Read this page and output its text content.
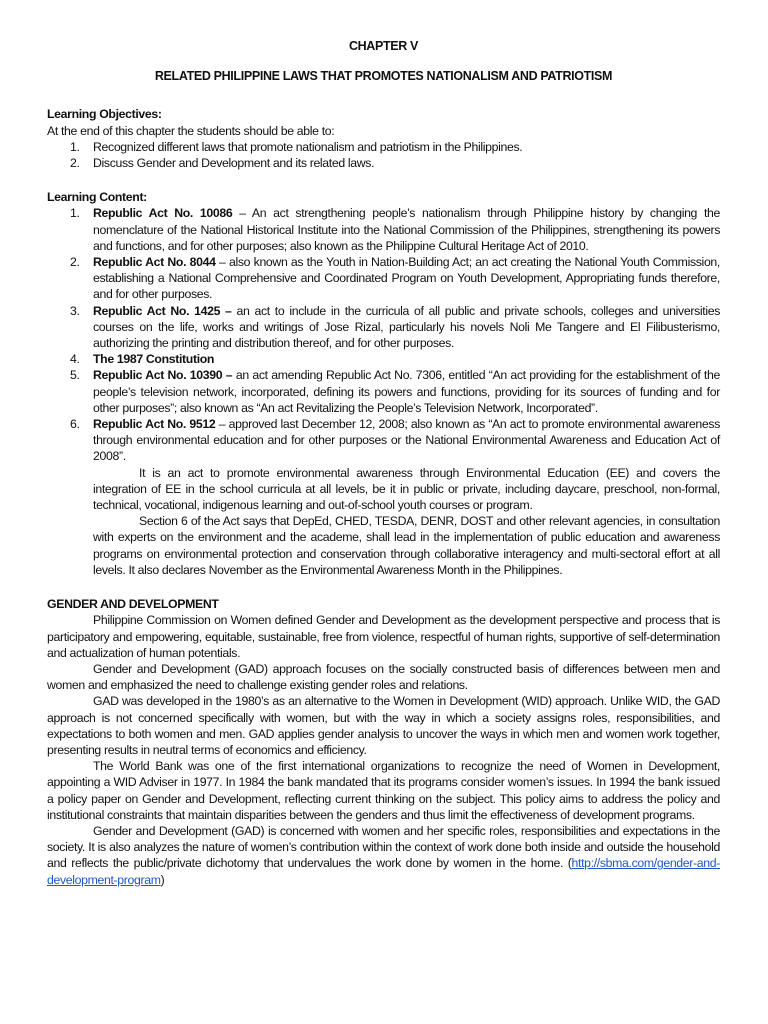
CHAPTER V

RELATED PHILIPPINE LAWS THAT PROMOTES NATIONALISM AND PATRIOTISM

Learning Objectives:

At the end of this chapter the students should be able to:

1. Recognized different laws that promote nationalism and patriotism in the Philippines.
2. Discuss Gender and Development and its related laws.

Learning Content:

1. Republic Act No. 10086 – An act strengthening people’s nationalism through Philippine history by changing the nomenclature of the National Historical Institute into the National Commission of the Philippines, strengthening its powers and functions, and for other purposes; also known as the Philippine Cultural Heritage Act of 2010.
2. Republic Act No. 8044 – also known as the Youth in Nation-Building Act; an act creating the National Youth Commission, establishing a National Comprehensive and Coordinated Program on Youth Development, Appropriating funds therefore, and for other purposes.
3. Republic Act No. 1425 – an act to include in the curricula of all public and private schools, colleges and universities courses on the life, works and writings of Jose Rizal, particularly his novels Noli Me Tangere and El Filibusterismo, authorizing the printing and distribution thereof, and for other purposes.
4. The 1987 Constitution
5. Republic Act No. 10390 – an act amending Republic Act No. 7306, entitled “An act providing for the establishment of the people’s television network, incorporated, defining its powers and functions, providing for its sources of funding and for other purposes”; also known as “An act Revitalizing the People’s Television Network, Incorporated”.
6. Republic Act No. 9512 – approved last December 12, 2008; also known as “An act to promote environmental awareness through environmental education and for other purposes or the National Environmental Awareness and Education Act of 2008”.

It is an act to promote environmental awareness through Environmental Education (EE) and covers the integration of EE in the school curricula at all levels, be it in public or private, including daycare, preschool, non-formal, technical, vocational, indigenous learning and out-of-school youth courses or program.

Section 6 of the Act says that DepEd, CHED, TESDA, DENR, DOST and other relevant agencies, in consultation with experts on the environment and the academe, shall lead in the implementation of public education and awareness programs on environmental protection and conservation through collaborative interagency and multi-sectoral effort at all levels. It also declares November as the Environmental Awareness Month in the Philippines.

GENDER AND DEVELOPMENT

Philippine Commission on Women defined Gender and Development as the development perspective and process that is participatory and empowering, equitable, sustainable, free from violence, respectful of human rights, supportive of self-determination and actualization of human potentials.

Gender and Development (GAD) approach focuses on the socially constructed basis of differences between men and women and emphasized the need to challenge existing gender roles and relations.

GAD was developed in the 1980’s as an alternative to the Women in Development (WID) approach. Unlike WID, the GAD approach is not concerned specifically with women, but with the way in which a society assigns roles, responsibilities, and expectations to both women and men. GAD applies gender analysis to uncover the ways in which men and women work together, presenting results in neutral terms of economics and efficiency.

The World Bank was one of the first international organizations to recognize the need of Women in Development, appointing a WID Adviser in 1977. In 1984 the bank mandated that its programs consider women’s issues. In 1994 the bank issued a policy paper on Gender and Development, reflecting current thinking on the subject. This policy aims to address the policy and institutional constraints that maintain disparities between the genders and thus limit the effectiveness of development programs.

Gender and Development (GAD) is concerned with women and her specific roles, responsibilities and expectations in the society. It is also analyzes the nature of women’s contribution within the context of work done both inside and outside the household and reflects the public/private dichotomy that undervalues the work done by women in the home. (http://sbma.com/gender-and-development-program)
